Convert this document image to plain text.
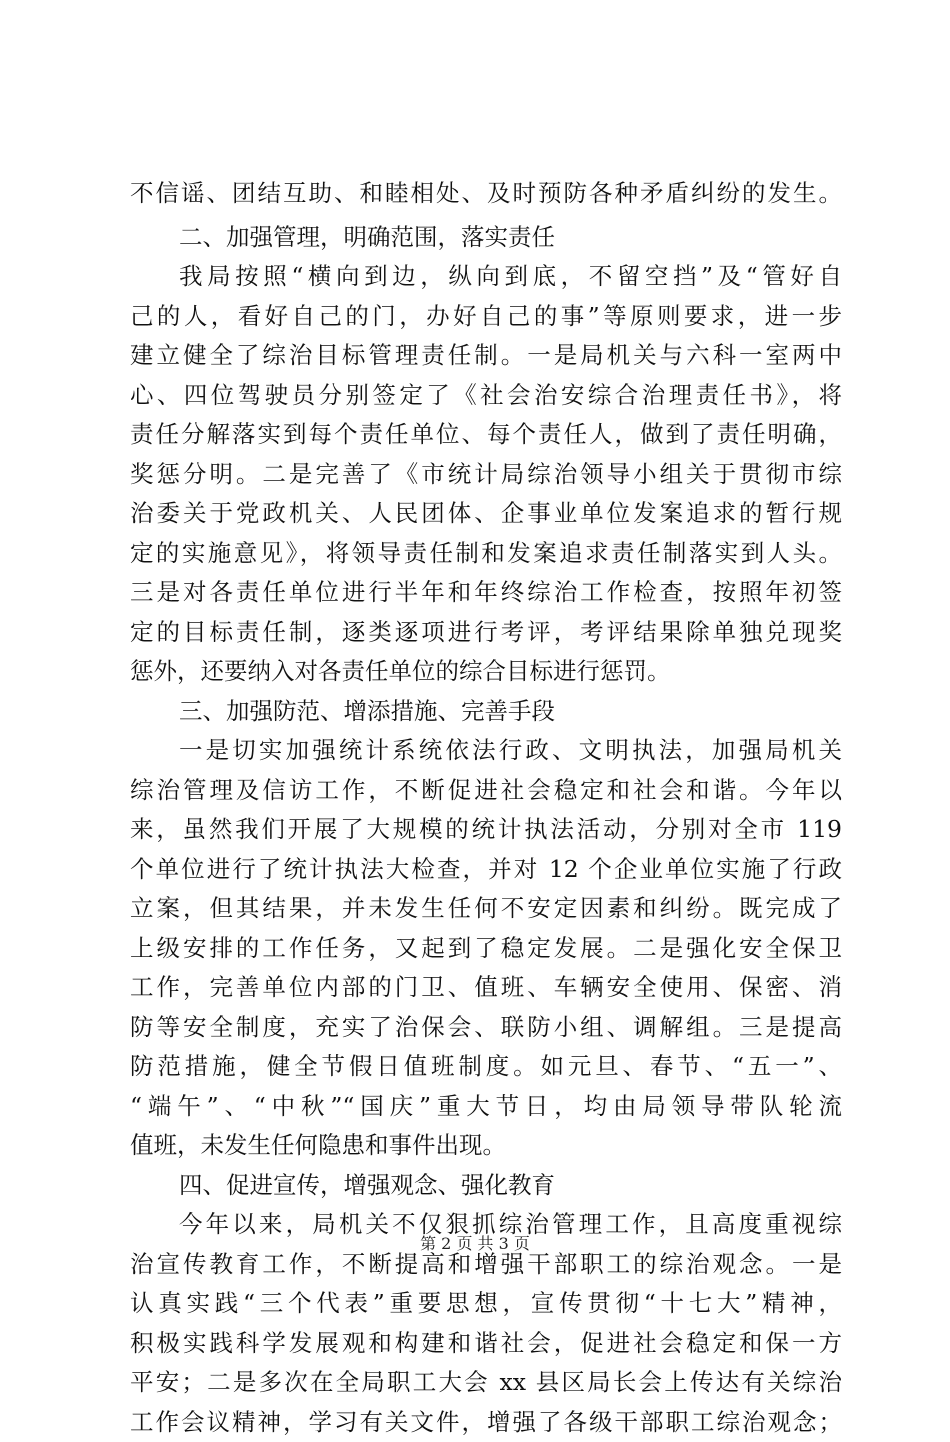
不信谣、团结互助、和睦相处、及时预防各种矛盾纠纷的发生。
二、加强管理，明确范围，落实责任
我局按照“横向到边，纵向到底，不留空挡”及“管好自
己的人，看好自己的门，办好自己的事”等原则要求，进一步
建立健全了综治目标管理责任制。一是局机关与六科一室两中
心、四位驾驶员分别签定了《社会治安综合治理责任书》，将
责任分解落实到每个责任单位、每个责任人，做到了责任明确，
奖惩分明。二是完善了《市统计局综治领导小组关于贯彻市综
治委关于党政机关、人民团体、企事业单位发案追求的暂行规
定的实施意见》，将领导责任制和发案追求责任制落实到人头。
三是对各责任单位进行半年和年终综治工作检查，按照年初签
定的目标责任制，逐类逐项进行考评，考评结果除单独兑现奖
惩外，还要纳入对各责任单位的综合目标进行惩罚。
三、加强防范、增添措施、完善手段
一是切实加强统计系统依法行政、文明执法，加强局机关
综治管理及信访工作，不断促进社会稳定和社会和谐。今年以
来，虽然我们开展了大规模的统计执法活动，分别对全市 119
个单位进行了统计执法大检查，并对 12 个企业单位实施了行政
立案，但其结果，并未发生任何不安定因素和纠纷。既完成了
上级安排的工作任务，又起到了稳定发展。二是强化安全保卫
工作，完善单位内部的门卫、值班、车辆安全使用、保密、消
防等安全制度，充实了治保会、联防小组、调解组。三是提高
防范措施，健全节假日值班制度。如元旦、春节、“五一”、
“端午”、“中秋”“国庆”重大节日，均由局领导带队轮流
值班，未发生任何隐患和事件出现。
四、促进宣传，增强观念、强化教育
今年以来，局机关不仅狠抓综治管理工作，且高度重视综
治宣传教育工作，不断提高和增强干部职工的综治观念。一是
认真实践“三个代表”重要思想，宣传贯彻“十七大”精神，
积极实践科学发展观和构建和谐社会，促进社会稳定和保一方
平安；二是多次在全局职工大会 xx 县区局长会上传达有关综治
工作会议精神，学习有关文件，增强了各级干部职工综治观念；
第 2 页 共 3 页
